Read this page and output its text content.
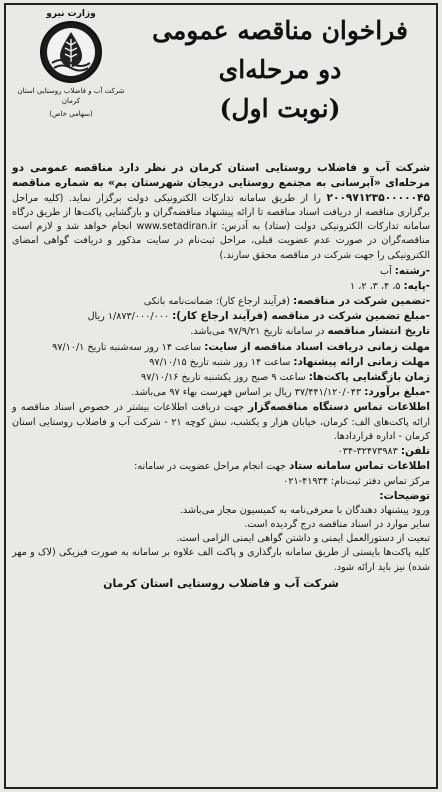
وزارت نیرو
شرکت آب و فاضلاب روستایی استان کرمان
(سهامی خاص)
فراخوان مناقصه عمومی
دو مرحله‌ای
(نوبت اول)
شرکت آب و فاضلاب روستایی استان کرمان در نظر دارد مناقصه عمومی دو مرحله‌ای «آبرسانی به مجتمع روستایی دریجان شهرستان بم» به شماره مناقصه ۲۰۰۹۷۱۲۳۵۰۰۰۰۰۴۵ را از طریق سامانه تدارکات الکترونیکی دولت برگزار نماید. (کلیه مراحل برگزاری مناقصه از دریافت اسناد مناقصه تا ارائه پیشنهاد مناقصه‌گران و بازگشایی پاکت‌ها از طریق درگاه سامانه تدارکات الکترونیکی دولت (ستاد) به آدرس: www.setadiran.ir انجام خواهد شد و لازم است مناقصه‌گران در صورت عدم عضویت قبلی، مراحل ثبت‌نام در سایت مذکور و دریافت گواهی امضای الکترونیکی را جهت شرکت در مناقصه محقق سازند.)
-رشته: آب
-پایه: ۵، ۴، ۳، ۲، ۱
-تضمین شرکت در مناقصه: (فرآیند ارجاع کار): ضمانت‌نامه بانکی
-مبلغ تضمین شرکت در مناقصه (فرآیند ارجاع کار): ۱/۸۷۳/۰۰۰/۰۰۰ ریال
تاریخ انتشار مناقصه در سامانه تاریخ ۹۷/۹/۲۱ می‌باشد.
مهلت زمانی دریافت اسناد مناقصه از سایت: ساعت ۱۴ روز سه‌شنبه تاریخ ۹۷/۱۰/۱
مهلت زمانی ارائه پیشنهاد: ساعت ۱۴ روز شنبه تاریخ ۹۷/۱۰/۱۵
زمان بازگشایی پاکت‌ها: ساعت ۹ صبح روز یکشنبه تاریخ ۹۷/۱۰/۱۶
-مبلغ برآورد: ۳۷/۴۴۱/۱۲۰/۰۴۳ ریال بر اساس فهرست بهاء ۹۷ می‌باشد.
اطلاعات تماس دستگاه مناقصه‌گزار جهت دریافت اطلاعات بیشتر در خصوص اسناد مناقصه و ارائه پاکت‌های الف: کرمان، خیابان هزار و یکشب، نبش کوچه ۲۱ - شرکت آب و فاضلاب روستایی استان کرمان - اداره قراردادها.
تلفن: ۳۲۴۷۳۹۸۳-۰۳۴
اطلاعات تماس سامانه ستاد جهت انجام مراحل عضویت در سامانه:
مرکز تماس دفتر ثبت‌نام: ۴۱۹۳۴-۰۲۱
توضیحات:
ورود پیشنهاد دهندگان با معرفی‌نامه به کمیسیون مجاز می‌باشد.
سایر موارد در اسناد مناقصه درج گردیده است.
تبعیت از دستورالعمل ایمنی و داشتن گواهی ایمنی الزامی است.
کلیه پاکت‌ها بایستی از طریق سامانه بارگذاری و پاکت الف علاوه بر سامانه به صورت فیزیکی (لاک و مهر شده) نیز باید ارائه شود.
شرکت آب و فاضلاب روستایی استان کرمان
